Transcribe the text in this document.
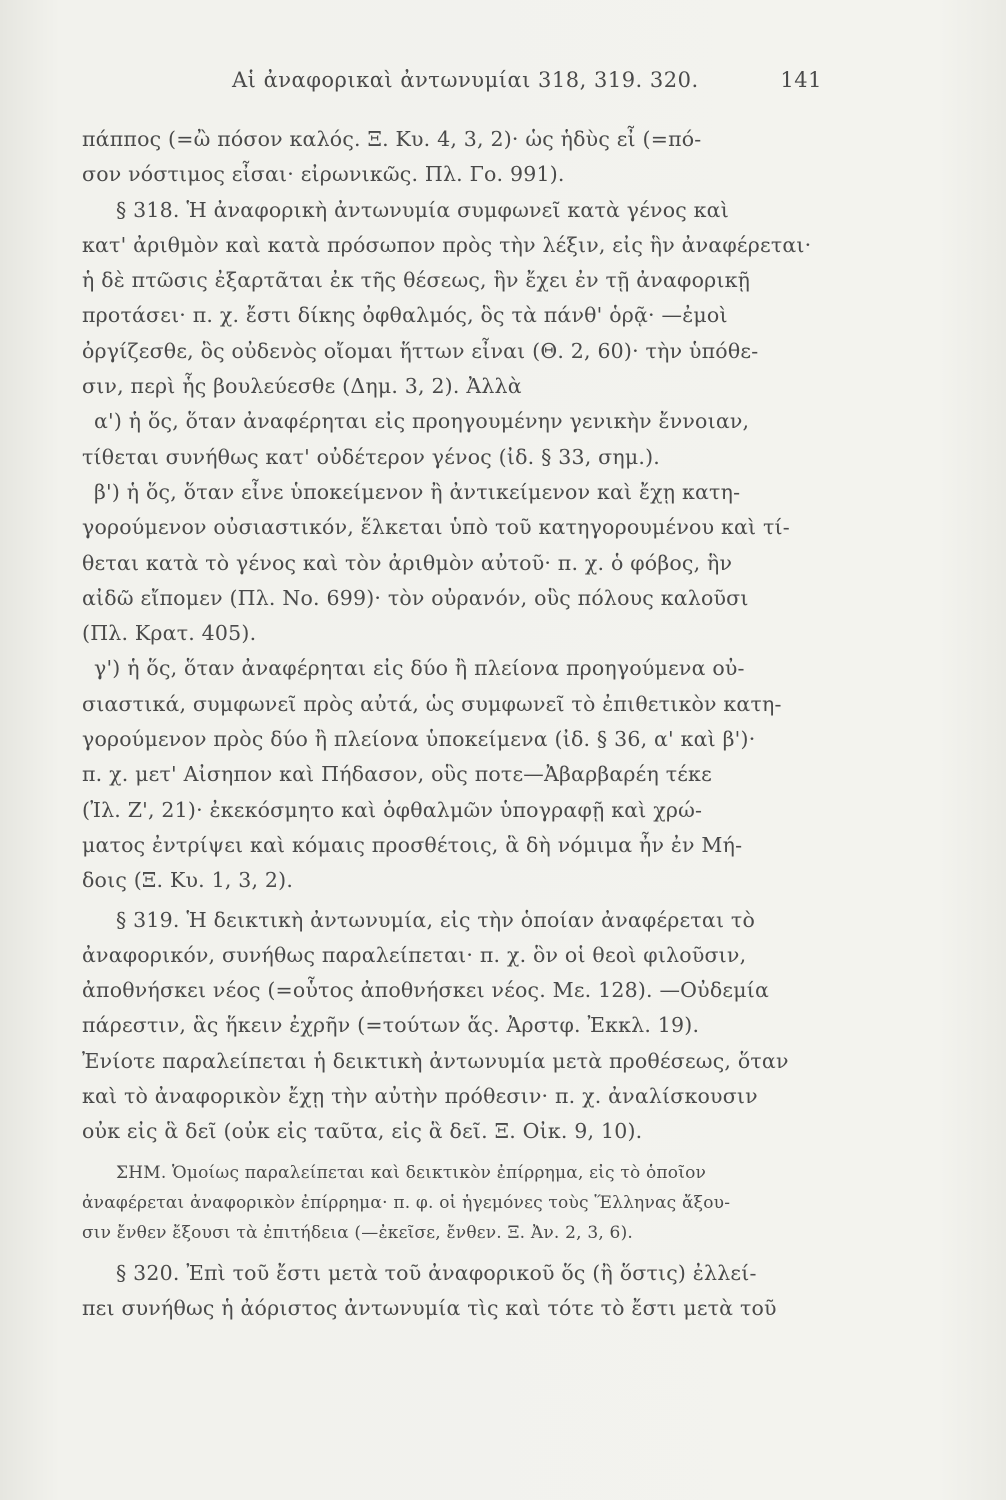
Αἱ ἀναφορικαὶ ἀντωνυμίαι 318, 319. 320.	141
πάππος (=ὢ πόσον καλός. Ξ. Κυ. 4, 3, 2)· ὡς ἡδὺς εἶ (=πό-
σον νόστιμος εἶσαι· εἰρωνικῶς. Πλ. Γο. 991).
§ 318. Ἡ ἀναφορικὴ ἀντωνυμία συμφωνεῖ κατὰ γένος καὶ
κατ' ἀριθμὸν καὶ κατὰ πρόσωπον πρὸς τὴν λέξιν, εἰς ἣν ἀναφέρεται·
ἡ δὲ πτῶσις ἐξαρτᾶται ἐκ τῆς θέσεως, ἣν ἔχει ἐν τῇ ἀναφορικῇ
προτάσει· π. χ. ἔστι δίκης ὀφθαλμός, ὃς τὰ πάνθ' ὁρᾷ· —ἐμοὶ
ὀργίζεσθε, ὃς οὐδενὸς οἴομαι ἥττων εἶναι (Θ. 2, 60)· τὴν ὑπόθε-
σιν, περὶ ἧς βουλεύεσθε (Δημ. 3, 2). Ἀλλὰ
α') ἡ ὅς, ὅταν ἀναφέρηται εἰς προηγουμένην γενικὴν ἔννοιαν,
τίθεται συνήθως κατ' οὐδέτερον γένος (ἰδ. § 33, σημ.).
β') ἡ ὅς, ὅταν εἶνε ὑποκείμενον ἢ ἀντικείμενον καὶ ἔχῃ κατη-
γορούμενον οὐσιαστικόν, ἕλκεται ὑπὸ τοῦ κατηγορουμένου καὶ τί-
θεται κατὰ τὸ γένος καὶ τὸν ἀριθμὸν αὐτοῦ· π. χ. ὁ φόβος, ἣν
αἰδῶ εἴπομεν (Πλ. Νο. 699)· τὸν οὐρανόν, οὓς πόλους καλοῦσι
(Πλ. Κρατ. 405).
γ') ἡ ὅς, ὅταν ἀναφέρηται εἰς δύο ἢ πλείονα προηγούμενα οὐ-
σιαστικά, συμφωνεῖ πρὸς αὐτά, ὡς συμφωνεῖ τὸ ἐπιθετικὸν κατη-
γορούμενον πρὸς δύο ἢ πλείονα ὑποκείμενα (ἰδ. § 36, α' καὶ β')·
π. χ. μετ' Αἰσηπον καὶ Πήδασον, οὓς ποτε—Ἀβαρβαρέη τέκε
(Ἰλ. Ζ', 21)· ἐκεκόσμητο καὶ ὀφθαλμῶν ὑπογραφῇ καὶ χρώ-
ματος ἐντρίψει καὶ κόμαις προσθέτοις, ἃ δὴ νόμιμα ἦν ἐν Μή-
δοις (Ξ. Κυ. 1, 3, 2).
§ 319. Ἡ δεικτικὴ ἀντωνυμία, εἰς τὴν ὁποίαν ἀναφέρεται τὸ
ἀναφορικόν, συνήθως παραλείπεται· π. χ. ὃν οἱ θεοὶ φιλοῦσιν,
ἀποθνήσκει νέος (=οὗτος ἀποθνήσκει νέος. Με. 128). —Οὐδεμία
πάρεστιν, ἃς ἥκειν ἐχρῆν (=τούτων ἅς. Ἀρστφ. Ἐκκλ. 19).
Ἐνίοτε παραλείπεται ἡ δεικτικὴ ἀντωνυμία μετὰ προθέσεως, ὅταν
καὶ τὸ ἀναφορικὸν ἔχῃ τὴν αὐτὴν πρόθεσιν· π. χ. ἀναλίσκουσιν
οὐκ εἰς ἃ δεῖ (οὐκ εἰς ταῦτα, εἰς ἃ δεῖ. Ξ. Οἰκ. 9, 10).
ΣΗΜ. Ὁμοίως παραλείπεται καὶ δεικτικὸν ἐπίρρημα, εἰς τὸ ὁποῖον
ἀναφέρεται ἀναφορικὸν ἐπίρρημα· π. φ. οἱ ἡγεμόνες τοὺς Ἕλληνας ἄξου-
σιν ἔνθεν ἔξουσι τὰ ἐπιτήδεια (—ἐκεῖσε, ἔνθεν. Ξ. Ἀν. 2, 3, 6).
§ 320. Ἐπὶ τοῦ ἔστι μετὰ τοῦ ἀναφορικοῦ ὅς (ἢ ὅστις) ἐλλεί-
πει συνήθως ἡ ἀόριστος ἀντωνυμία τὶς καὶ τότε τὸ ἔστι μετὰ τοῦ
